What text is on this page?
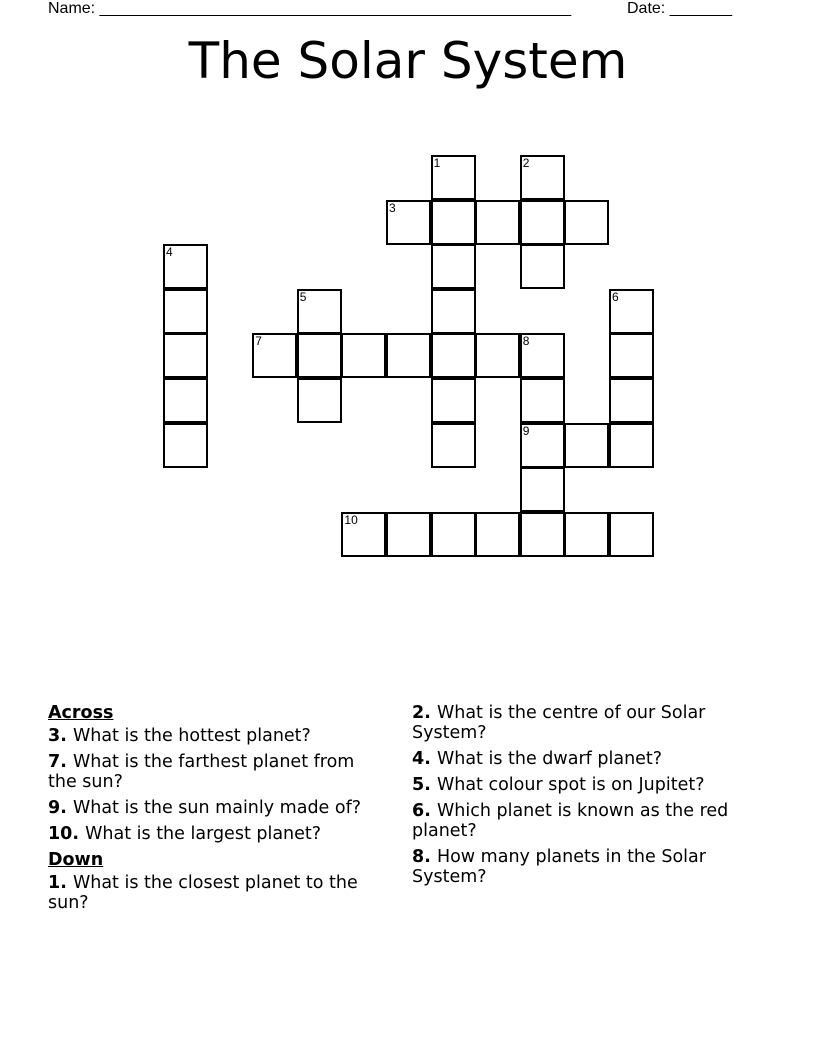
Name: _____________________________________________________	Date: _______
The Solar System
1	2
3
4
5	6
7	8
9
10
Across
3. What is the hottest planet?
7. What is the farthest planet from the sun?
9. What is the sun mainly made of?
10. What is the largest planet?
Down
1. What is the closest planet to the sun?
2. What is the centre of our Solar System?
4. What is the dwarf planet?
5. What colour spot is on Jupitet?
6. Which planet is known as the red planet?
8. How many planets in the Solar System?
